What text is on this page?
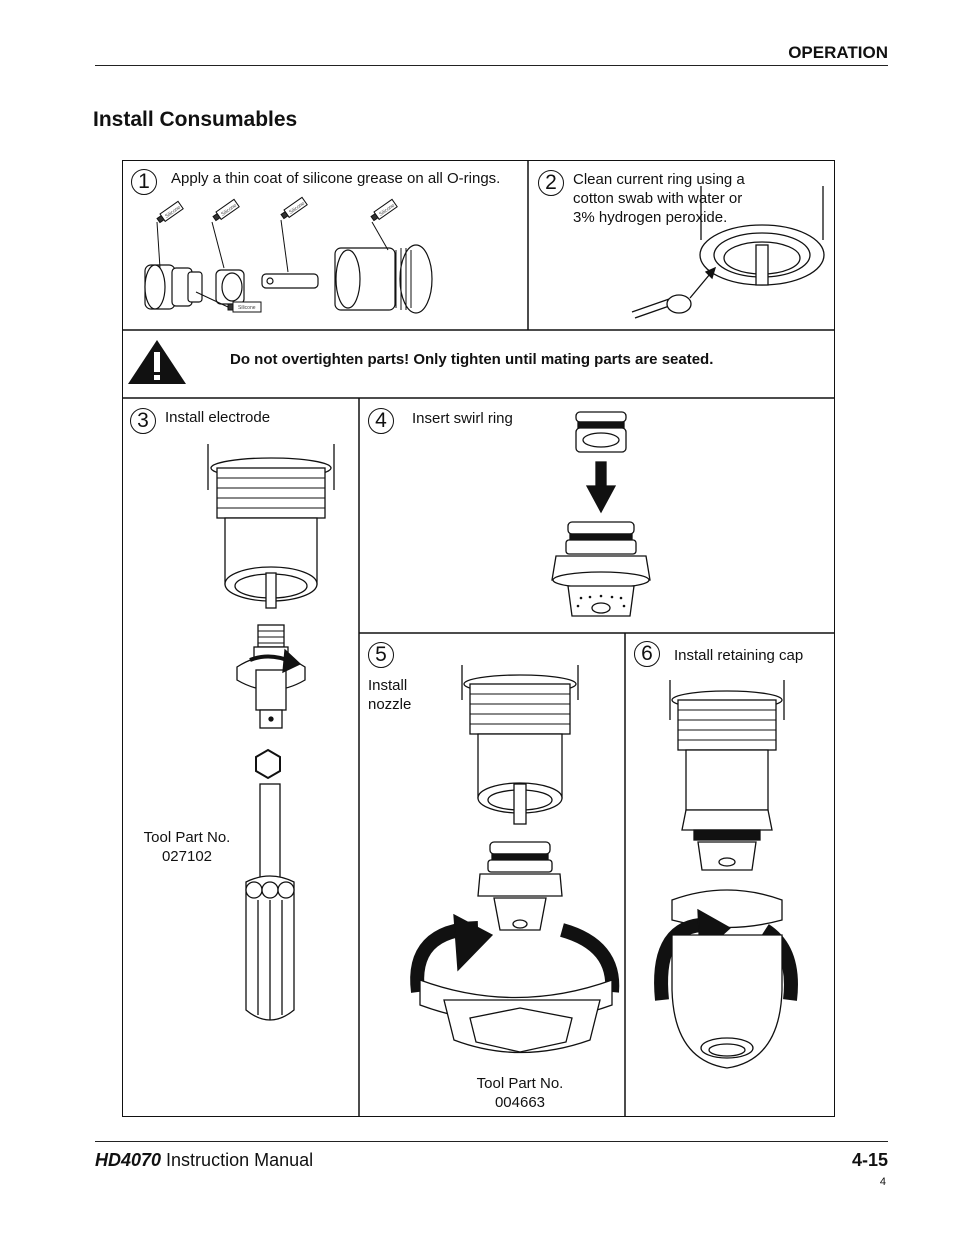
OPERATION
Install Consumables
Silicone	Silicone	Silicone	Silicone
Silicone
1	Apply a thin coat of silicone grease on all O-rings.	2	Clean current ring using a cotton swab with water or 3% hydrogen peroxide.
Do not overtighten parts! Only tighten until mating parts are seated.
3	Install electrode	4	Insert swirl ring
5
Install nozzle
6	Install retaining cap
Tool Part No.
027102
Tool Part No.
004663
HD4070 Instruction Manual	4-15
4
